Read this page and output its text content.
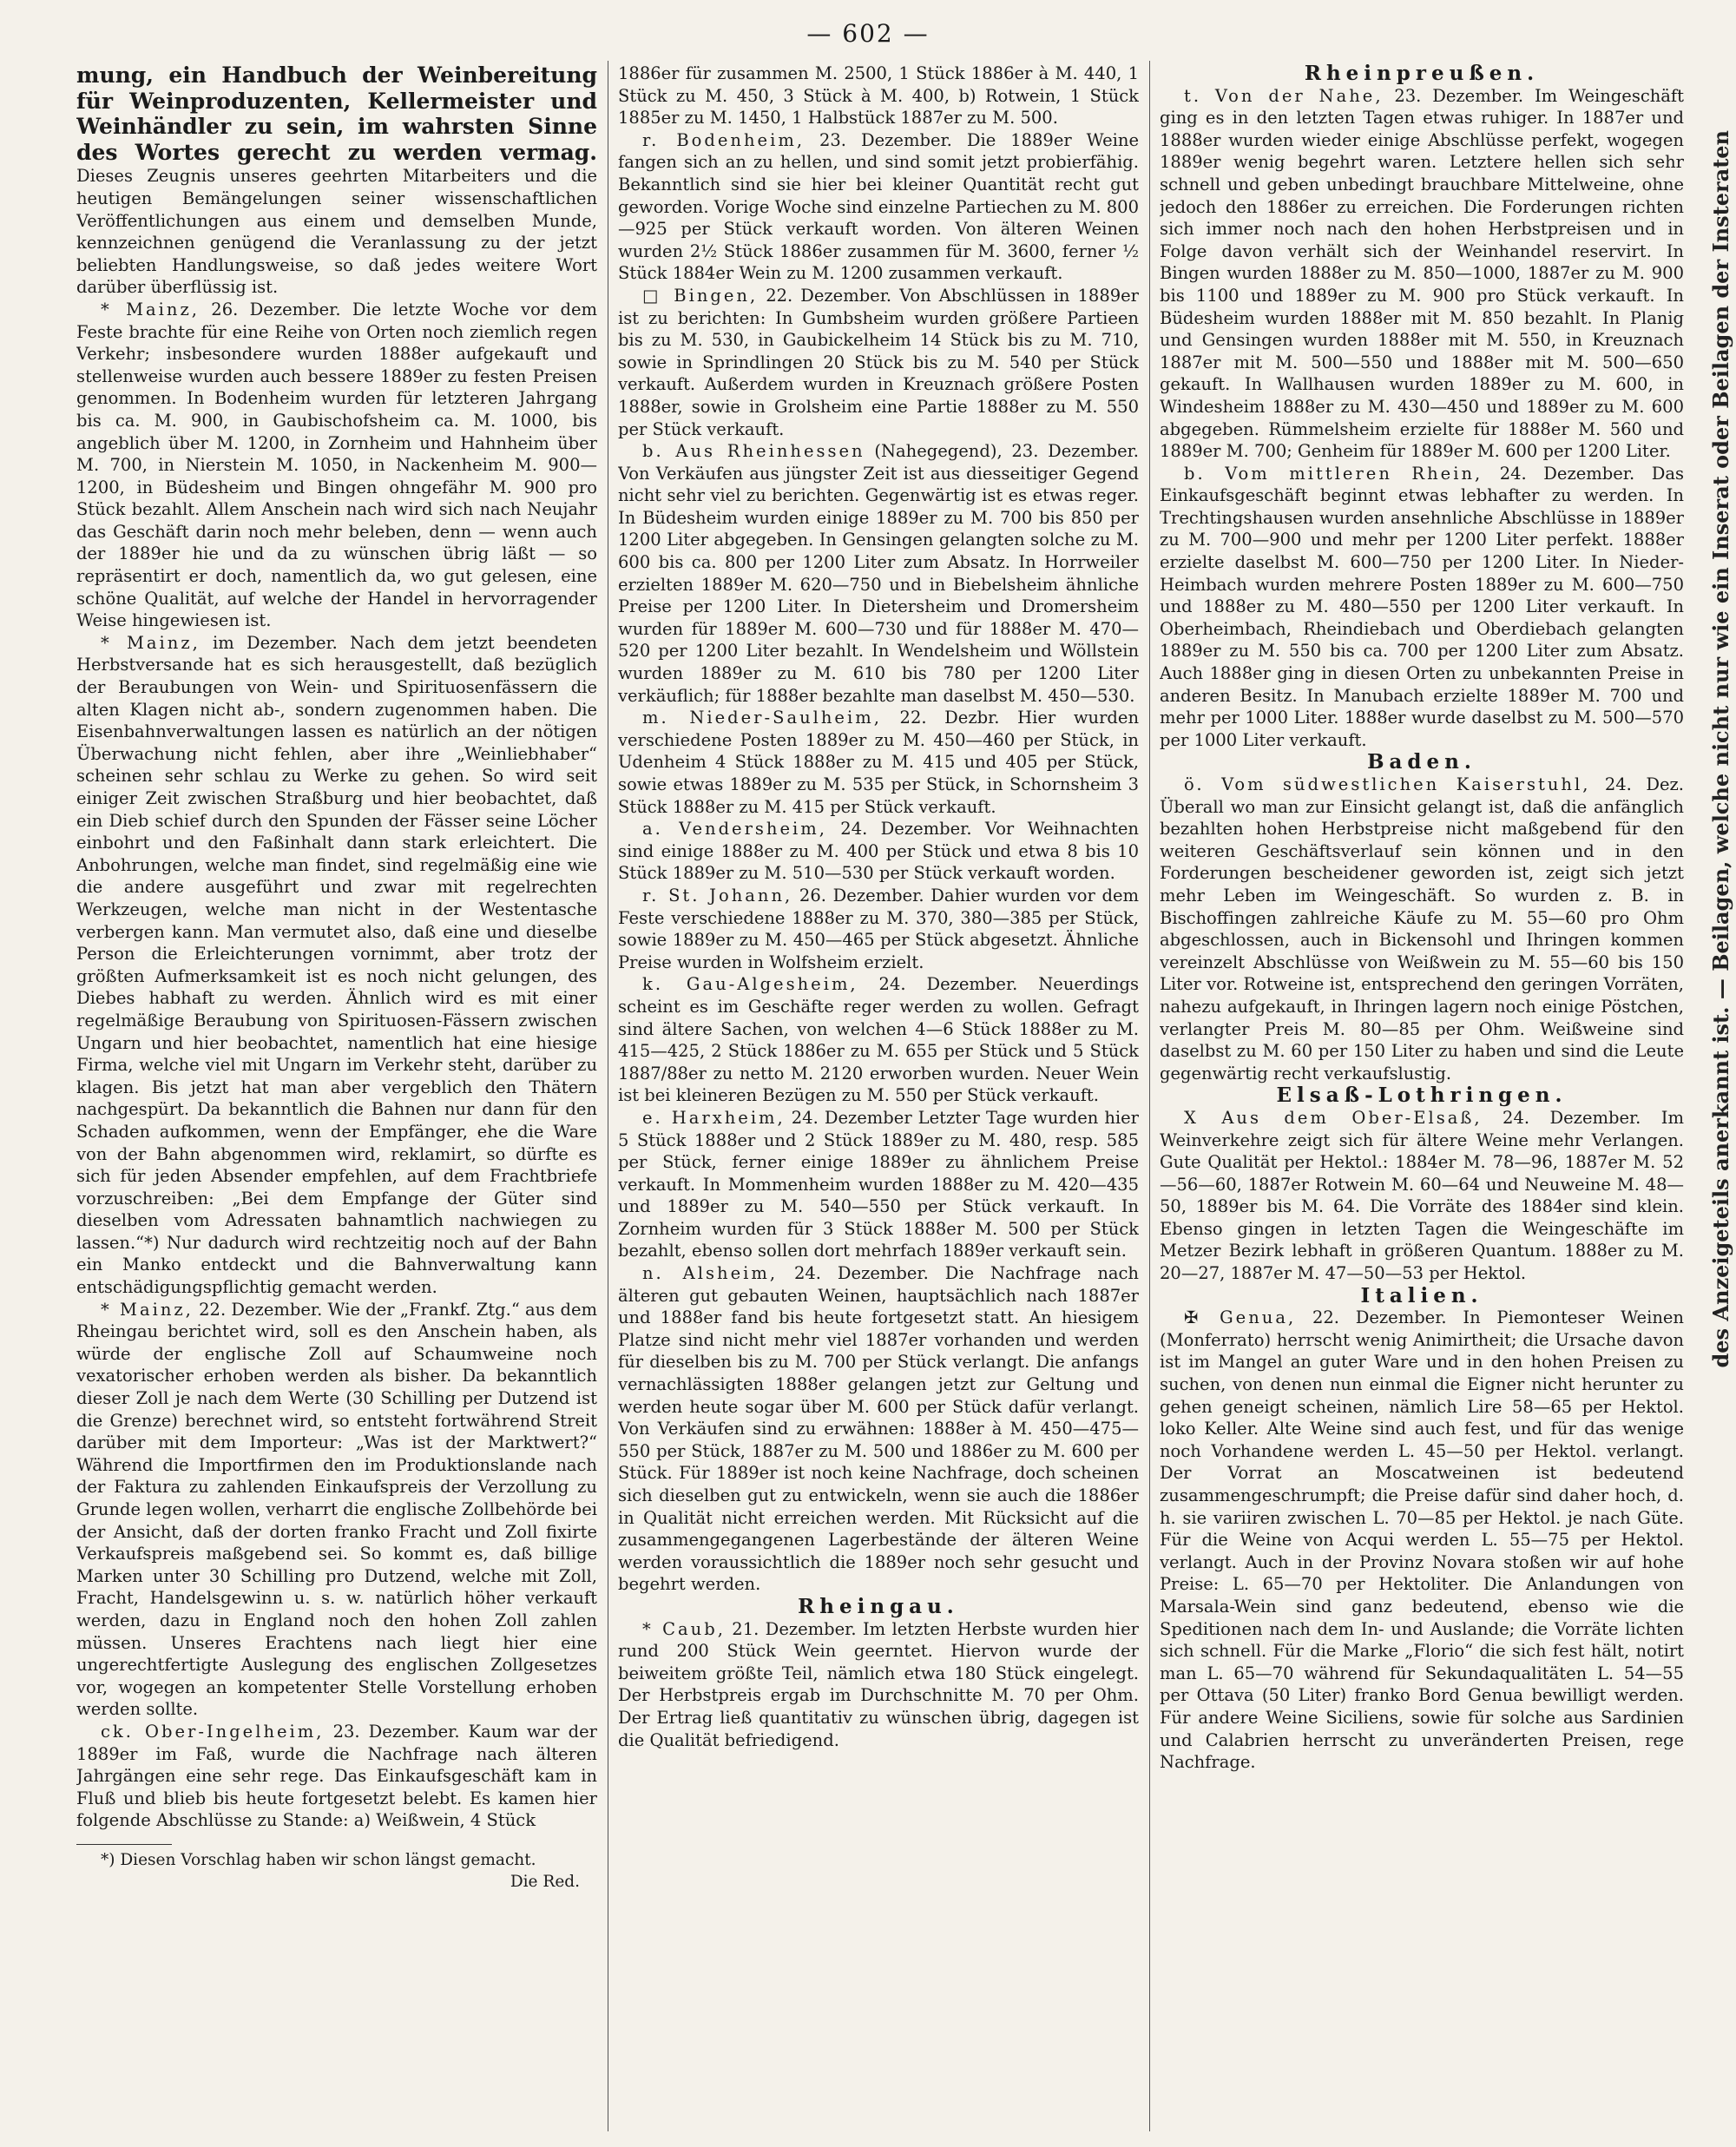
— 602 —

mung, ein Handbuch der Weinbereitung für Weinproduzenten, Kellermeister und Weinhändler zu sein, im wahrsten Sinne des Wortes gerecht zu werden vermag. Dieses Zeugnis unseres geehrten Mitarbeiters und die heutigen Bemängelungen seiner wissenschaftlichen Veröffentlichungen aus einem und demselben Munde, kennzeichnen genügend die Veranlassung zu der jetzt beliebten Handlungsweise, so daß jedes weitere Wort darüber überflüssig ist.

* Mainz, 26. Dezember. Die letzte Woche vor dem Feste brachte für eine Reihe von Orten noch ziemlich regen Verkehr; insbesondere wurden 1888er aufgekauft und stellenweise wurden auch bessere 1889er zu festen Preisen genommen. In Bodenheim wurden für letzteren Jahrgang bis ca. M. 900, in Gaubischofsheim ca. M. 1000, bis angeblich über M. 1200, in Zornheim und Hahnheim über M. 700, in Nierstein M. 1050, in Nackenheim M. 900—1200, in Büdesheim und Bingen ohngefähr M. 900 pro Stück bezahlt. Allem Anschein nach wird sich nach Neujahr das Geschäft darin noch mehr beleben, denn — wenn auch der 1889er hie und da zu wünschen übrig läßt — so repräsentirt er doch, namentlich da, wo gut gelesen, eine schöne Qualität, auf welche der Handel in hervorragender Weise hingewiesen ist.

* Mainz, im Dezember. Nach dem jetzt beendeten Herbstversande hat es sich herausgestellt, daß bezüglich der Beraubungen von Wein- und Spirituosenfässern die alten Klagen nicht ab-, sondern zugenommen haben. Die Eisenbahnverwaltungen lassen es natürlich an der nötigen Überwachung nicht fehlen, aber ihre „Weinliebhaber“ scheinen sehr schlau zu Werke zu gehen. So wird seit einiger Zeit zwischen Straßburg und hier beobachtet, daß ein Dieb schief durch den Spunden der Fässer seine Löcher einbohrt und den Faßinhalt dann stark erleichtert. Die Anbohrungen, welche man findet, sind regelmäßig eine wie die andere ausgeführt und zwar mit regelrechten Werkzeugen, welche man nicht in der Westentasche verbergen kann. Man vermutet also, daß eine und dieselbe Person die Erleichterungen vornimmt, aber trotz der größten Aufmerksamkeit ist es noch nicht gelungen, des Diebes habhaft zu werden. Ähnlich wird es mit einer regelmäßige Beraubung von Spirituosen-Fässern zwischen Ungarn und hier beobachtet, namentlich hat eine hiesige Firma, welche viel mit Ungarn im Verkehr steht, darüber zu klagen. Bis jetzt hat man aber vergeblich den Thätern nachgespürt. Da bekanntlich die Bahnen nur dann für den Schaden aufkommen, wenn der Empfänger, ehe die Ware von der Bahn abgenommen wird, reklamirt, so dürfte es sich für jeden Absender empfehlen, auf dem Frachtbriefe vorzuschreiben: „Bei dem Empfange der Güter sind dieselben vom Adressaten bahnamtlich nachwiegen zu lassen.“*) Nur dadurch wird rechtzeitig noch auf der Bahn ein Manko entdeckt und die Bahnverwaltung kann entschädigungspflichtig gemacht werden.

* Mainz, 22. Dezember. Wie der „Frankf. Ztg.“ aus dem Rheingau berichtet wird, soll es den Anschein haben, als würde der englische Zoll auf Schaumweine noch vexatorischer erhoben werden als bisher. Da bekanntlich dieser Zoll je nach dem Werte (30 Schilling per Dutzend ist die Grenze) berechnet wird, so entsteht fortwährend Streit darüber mit dem Importeur: „Was ist der Marktwert?“ Während die Importfirmen den im Produktionslande nach der Faktura zu zahlenden Einkaufspreis der Verzollung zu Grunde legen wollen, verharrt die englische Zollbehörde bei der Ansicht, daß der dorten franko Fracht und Zoll fixirte Verkaufspreis maßgebend sei. So kommt es, daß billige Marken unter 30 Schilling pro Dutzend, welche mit Zoll, Fracht, Handelsgewinn u. s. w. natürlich höher verkauft werden, dazu in England noch den hohen Zoll zahlen müssen. Unseres Erachtens nach liegt hier eine ungerechtfertigte Auslegung des englischen Zollgesetzes vor, wogegen an kompetenter Stelle Vorstellung erhoben werden sollte.

ck. Ober-Ingelheim, 23. Dezember. Kaum war der 1889er im Faß, wurde die Nachfrage nach älteren Jahrgängen eine sehr rege. Das Einkaufsgeschäft kam in Fluß und blieb bis heute fortgesetzt belebt. Es kamen hier folgende Abschlüsse zu Stande: a) Weißwein, 4 Stück

*) Diesen Vorschlag haben wir schon längst gemacht.
Die Red.

1886er für zusammen M. 2500, 1 Stück 1886er à M. 440, 1 Stück zu M. 450, 3 Stück à M. 400, b) Rotwein, 1 Stück 1885er zu M. 1450, 1 Halbstück 1887er zu M. 500.

r. Bodenheim, 23. Dezember. Die 1889er Weine fangen sich an zu hellen, und sind somit jetzt probierfähig. Bekanntlich sind sie hier bei kleiner Quantität recht gut geworden. Vorige Woche sind einzelne Partiechen zu M. 800—925 per Stück verkauft worden. Von älteren Weinen wurden 2½ Stück 1886er zusammen für M. 3600, ferner ½ Stück 1884er Wein zu M. 1200 zusammen verkauft.

□ Bingen, 22. Dezember. Von Abschlüssen in 1889er ist zu berichten: In Gumbsheim wurden größere Partieen bis zu M. 530, in Gaubickelheim 14 Stück bis zu M. 710, sowie in Sprindlingen 20 Stück bis zu M. 540 per Stück verkauft. Außerdem wurden in Kreuznach größere Posten 1888er, sowie in Grolsheim eine Partie 1888er zu M. 550 per Stück verkauft.

b. Aus Rheinhessen (Nahegegend), 23. Dezember. Von Verkäufen aus jüngster Zeit ist aus diesseitiger Gegend nicht sehr viel zu berichten. Gegenwärtig ist es etwas reger. In Büdesheim wurden einige 1889er zu M. 700 bis 850 per 1200 Liter abgegeben. In Gensingen gelangten solche zu M. 600 bis ca. 800 per 1200 Liter zum Absatz. In Horrweiler erzielten 1889er M. 620—750 und in Biebelsheim ähnliche Preise per 1200 Liter. In Dietersheim und Dromersheim wurden für 1889er M. 600—730 und für 1888er M. 470—520 per 1200 Liter bezahlt. In Wendelsheim und Wöllstein wurden 1889er zu M. 610 bis 780 per 1200 Liter verkäuflich; für 1888er bezahlte man daselbst M. 450—530.

m. Nieder-Saulheim, 22. Dezbr. Hier wurden verschiedene Posten 1889er zu M. 450—460 per Stück, in Udenheim 4 Stück 1888er zu M. 415 und 405 per Stück, sowie etwas 1889er zu M. 535 per Stück, in Schornsheim 3 Stück 1888er zu M. 415 per Stück verkauft.

a. Vendersheim, 24. Dezember. Vor Weihnachten sind einige 1888er zu M. 400 per Stück und etwa 8 bis 10 Stück 1889er zu M. 510—530 per Stück verkauft worden.

r. St. Johann, 26. Dezember. Dahier wurden vor dem Feste verschiedene 1888er zu M. 370, 380—385 per Stück, sowie 1889er zu M. 450—465 per Stück abgesetzt. Ähnliche Preise wurden in Wolfsheim erzielt.

k. Gau-Algesheim, 24. Dezember. Neuerdings scheint es im Geschäfte reger werden zu wollen. Gefragt sind ältere Sachen, von welchen 4—6 Stück 1888er zu M. 415—425, 2 Stück 1886er zu M. 655 per Stück und 5 Stück 1887/88er zu netto M. 2120 erworben wurden. Neuer Wein ist bei kleineren Bezügen zu M. 550 per Stück verkauft.

e. Harxheim, 24. Dezember Letzter Tage wurden hier 5 Stück 1888er und 2 Stück 1889er zu M. 480, resp. 585 per Stück, ferner einige 1889er zu ähnlichem Preise verkauft. In Mommenheim wurden 1888er zu M. 420—435 und 1889er zu M. 540—550 per Stück verkauft. In Zornheim wurden für 3 Stück 1888er M. 500 per Stück bezahlt, ebenso sollen dort mehrfach 1889er verkauft sein.

n. Alsheim, 24. Dezember. Die Nachfrage nach älteren gut gebauten Weinen, hauptsächlich nach 1887er und 1888er fand bis heute fortgesetzt statt. An hiesigem Platze sind nicht mehr viel 1887er vorhanden und werden für dieselben bis zu M. 700 per Stück verlangt. Die anfangs vernachlässigten 1888er gelangen jetzt zur Geltung und werden heute sogar über M. 600 per Stück dafür verlangt. Von Verkäufen sind zu erwähnen: 1888er à M. 450—475—550 per Stück, 1887er zu M. 500 und 1886er zu M. 600 per Stück. Für 1889er ist noch keine Nachfrage, doch scheinen sich dieselben gut zu entwickeln, wenn sie auch die 1886er in Qualität nicht erreichen werden. Mit Rücksicht auf die zusammengegangenen Lagerbestände der älteren Weine werden voraussichtlich die 1889er noch sehr gesucht und begehrt werden.

Rheingau.

* Caub, 21. Dezember. Im letzten Herbste wurden hier rund 200 Stück Wein geerntet. Hiervon wurde der beiweitem größte Teil, nämlich etwa 180 Stück eingelegt. Der Herbstpreis ergab im Durchschnitte M. 70 per Ohm. Der Ertrag ließ quantitativ zu wünschen übrig, dagegen ist die Qualität befriedigend.

Rheinpreußen.

t. Von der Nahe, 23. Dezember. Im Weingeschäft ging es in den letzten Tagen etwas ruhiger. In 1887er und 1888er wurden wieder einige Abschlüsse perfekt, wogegen 1889er wenig begehrt waren. Letztere hellen sich sehr schnell und geben unbedingt brauchbare Mittelweine, ohne jedoch den 1886er zu erreichen. Die Forderungen richten sich immer noch nach den hohen Herbstpreisen und in Folge davon verhält sich der Weinhandel reservirt. In Bingen wurden 1888er zu M. 850—1000, 1887er zu M. 900 bis 1100 und 1889er zu M. 900 pro Stück verkauft. In Büdesheim wurden 1888er mit M. 850 bezahlt. In Planig und Gensingen wurden 1888er mit M. 550, in Kreuznach 1887er mit M. 500—550 und 1888er mit M. 500—650 gekauft. In Wallhausen wurden 1889er zu M. 600, in Windesheim 1888er zu M. 430—450 und 1889er zu M. 600 abgegeben. Rümmelsheim erzielte für 1888er M. 560 und 1889er M. 700; Genheim für 1889er M. 600 per 1200 Liter.

b. Vom mittleren Rhein, 24. Dezember. Das Einkaufsgeschäft beginnt etwas lebhafter zu werden. In Trechtingshausen wurden ansehnliche Abschlüsse in 1889er zu M. 700—900 und mehr per 1200 Liter perfekt. 1888er erzielte daselbst M. 600—750 per 1200 Liter. In Nieder-Heimbach wurden mehrere Posten 1889er zu M. 600—750 und 1888er zu M. 480—550 per 1200 Liter verkauft. In Oberheimbach, Rheindiebach und Oberdiebach gelangten 1889er zu M. 550 bis ca. 700 per 1200 Liter zum Absatz. Auch 1888er ging in diesen Orten zu unbekannten Preise in anderen Besitz. In Manubach erzielte 1889er M. 700 und mehr per 1000 Liter. 1888er wurde daselbst zu M. 500—570 per 1000 Liter verkauft.

Baden.

ö. Vom südwestlichen Kaiserstuhl, 24. Dez. Überall wo man zur Einsicht gelangt ist, daß die anfänglich bezahlten hohen Herbstpreise nicht maßgebend für den weiteren Geschäftsverlauf sein können und in den Forderungen bescheidener geworden ist, zeigt sich jetzt mehr Leben im Weingeschäft. So wurden z. B. in Bischoffingen zahlreiche Käufe zu M. 55—60 pro Ohm abgeschlossen, auch in Bickensohl und Ihringen kommen vereinzelt Abschlüsse von Weißwein zu M. 55—60 bis 150 Liter vor. Rotweine ist, entsprechend den geringen Vorräten, nahezu aufgekauft, in Ihringen lagern noch einige Pöstchen, verlangter Preis M. 80—85 per Ohm. Weißweine sind daselbst zu M. 60 per 150 Liter zu haben und sind die Leute gegenwärtig recht verkaufslustig.

Elsaß-Lothringen.

X Aus dem Ober-Elsaß, 24. Dezember. Im Weinverkehre zeigt sich für ältere Weine mehr Verlangen. Gute Qualität per Hektol.: 1884er M. 78—96, 1887er M. 52—56—60, 1887er Rotwein M. 60—64 und Neuweine M. 48—50, 1889er bis M. 64. Die Vorräte des 1884er sind klein. Ebenso gingen in letzten Tagen die Weingeschäfte im Metzer Bezirk lebhaft in größeren Quantum. 1888er zu M. 20—27, 1887er M. 47—50—53 per Hektol.

Italien.

✠ Genua, 22. Dezember. In Piemonteser Weinen (Monferrato) herrscht wenig Animirtheit; die Ursache davon ist im Mangel an guter Ware und in den hohen Preisen zu suchen, von denen nun einmal die Eigner nicht herunter zu gehen geneigt scheinen, nämlich Lire 58—65 per Hektol. loko Keller. Alte Weine sind auch fest, und für das wenige noch Vorhandene werden L. 45—50 per Hektol. verlangt. Der Vorrat an Moscatweinen ist bedeutend zusammengeschrumpft; die Preise dafür sind daher hoch, d. h. sie variiren zwischen L. 70—85 per Hektol. je nach Güte. Für die Weine von Acqui werden L. 55—75 per Hektol. verlangt. Auch in der Provinz Novara stoßen wir auf hohe Preise: L. 65—70 per Hektoliter. Die Anlandungen von Marsala-Wein sind ganz bedeutend, ebenso wie die Speditionen nach dem In- und Auslande; die Vorräte lichten sich schnell. Für die Marke „Florio“ die sich fest hält, notirt man L. 65—70 während für Sekundaqualitäten L. 54—55 per Ottava (50 Liter) franko Bord Genua bewilligt werden. Für andere Weine Siciliens, sowie für solche aus Sardinien und Calabrien herrscht zu unveränderten Preisen, rege Nachfrage.

des Anzeigeteils anerkannt ist. — Beilagen, welche nicht nur wie ein Inserat oder Beilagen der Insteraten
